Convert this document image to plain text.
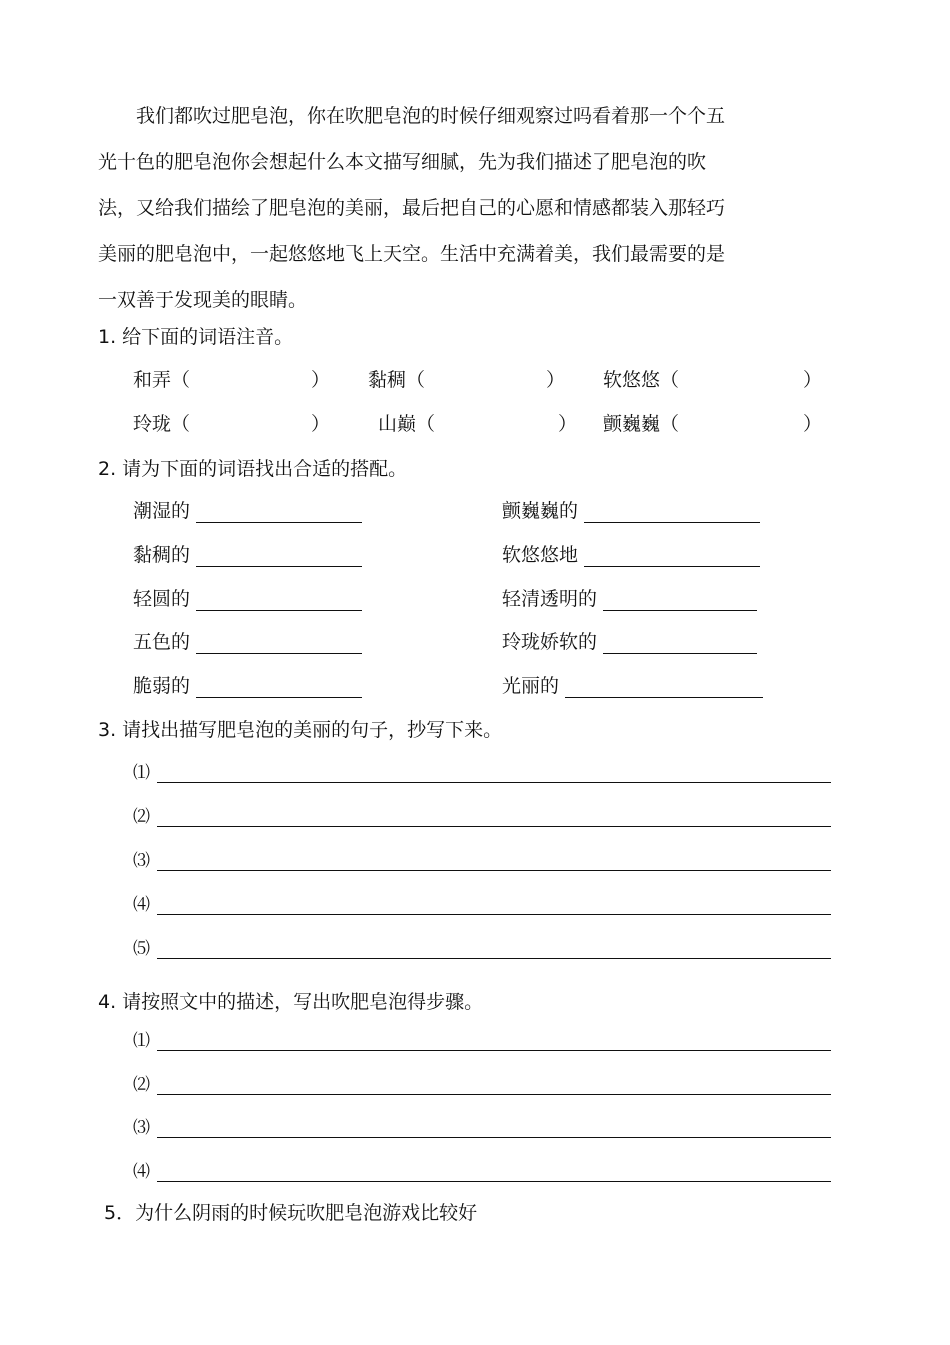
我们都吹过肥皂泡，你在吹肥皂泡的时候仔细观察过吗看着那一个个五
光十色的肥皂泡你会想起什么本文描写细腻，先为我们描述了肥皂泡的吹
法，又给我们描绘了肥皂泡的美丽，最后把自己的心愿和情感都装入那轻巧
美丽的肥皂泡中，一起悠悠地飞上天空。生活中充满着美，我们最需要的是
一双善于发现美的眼睛。
1. 给下面的词语注音。
和弄（	） 黏稠（	） 软悠悠（	）
玲珑（	）	山巅（	） 颤巍巍（	）
2. 请为下面的词语找出合适的搭配。
潮湿的	颤巍巍的
黏稠的	软悠悠地
轻圆的	轻清透明的
五色的	玲珑娇软的
脆弱的	光丽的
3. 请找出描写肥皂泡的美丽的句子，抄写下来。
⑴
⑵
⑶
⑷
⑸
4. 请按照文中的描述，写出吹肥皂泡得步骤。
⑴
⑵
⑶
⑷
5．为什么阴雨的时候玩吹肥皂泡游戏比较好
